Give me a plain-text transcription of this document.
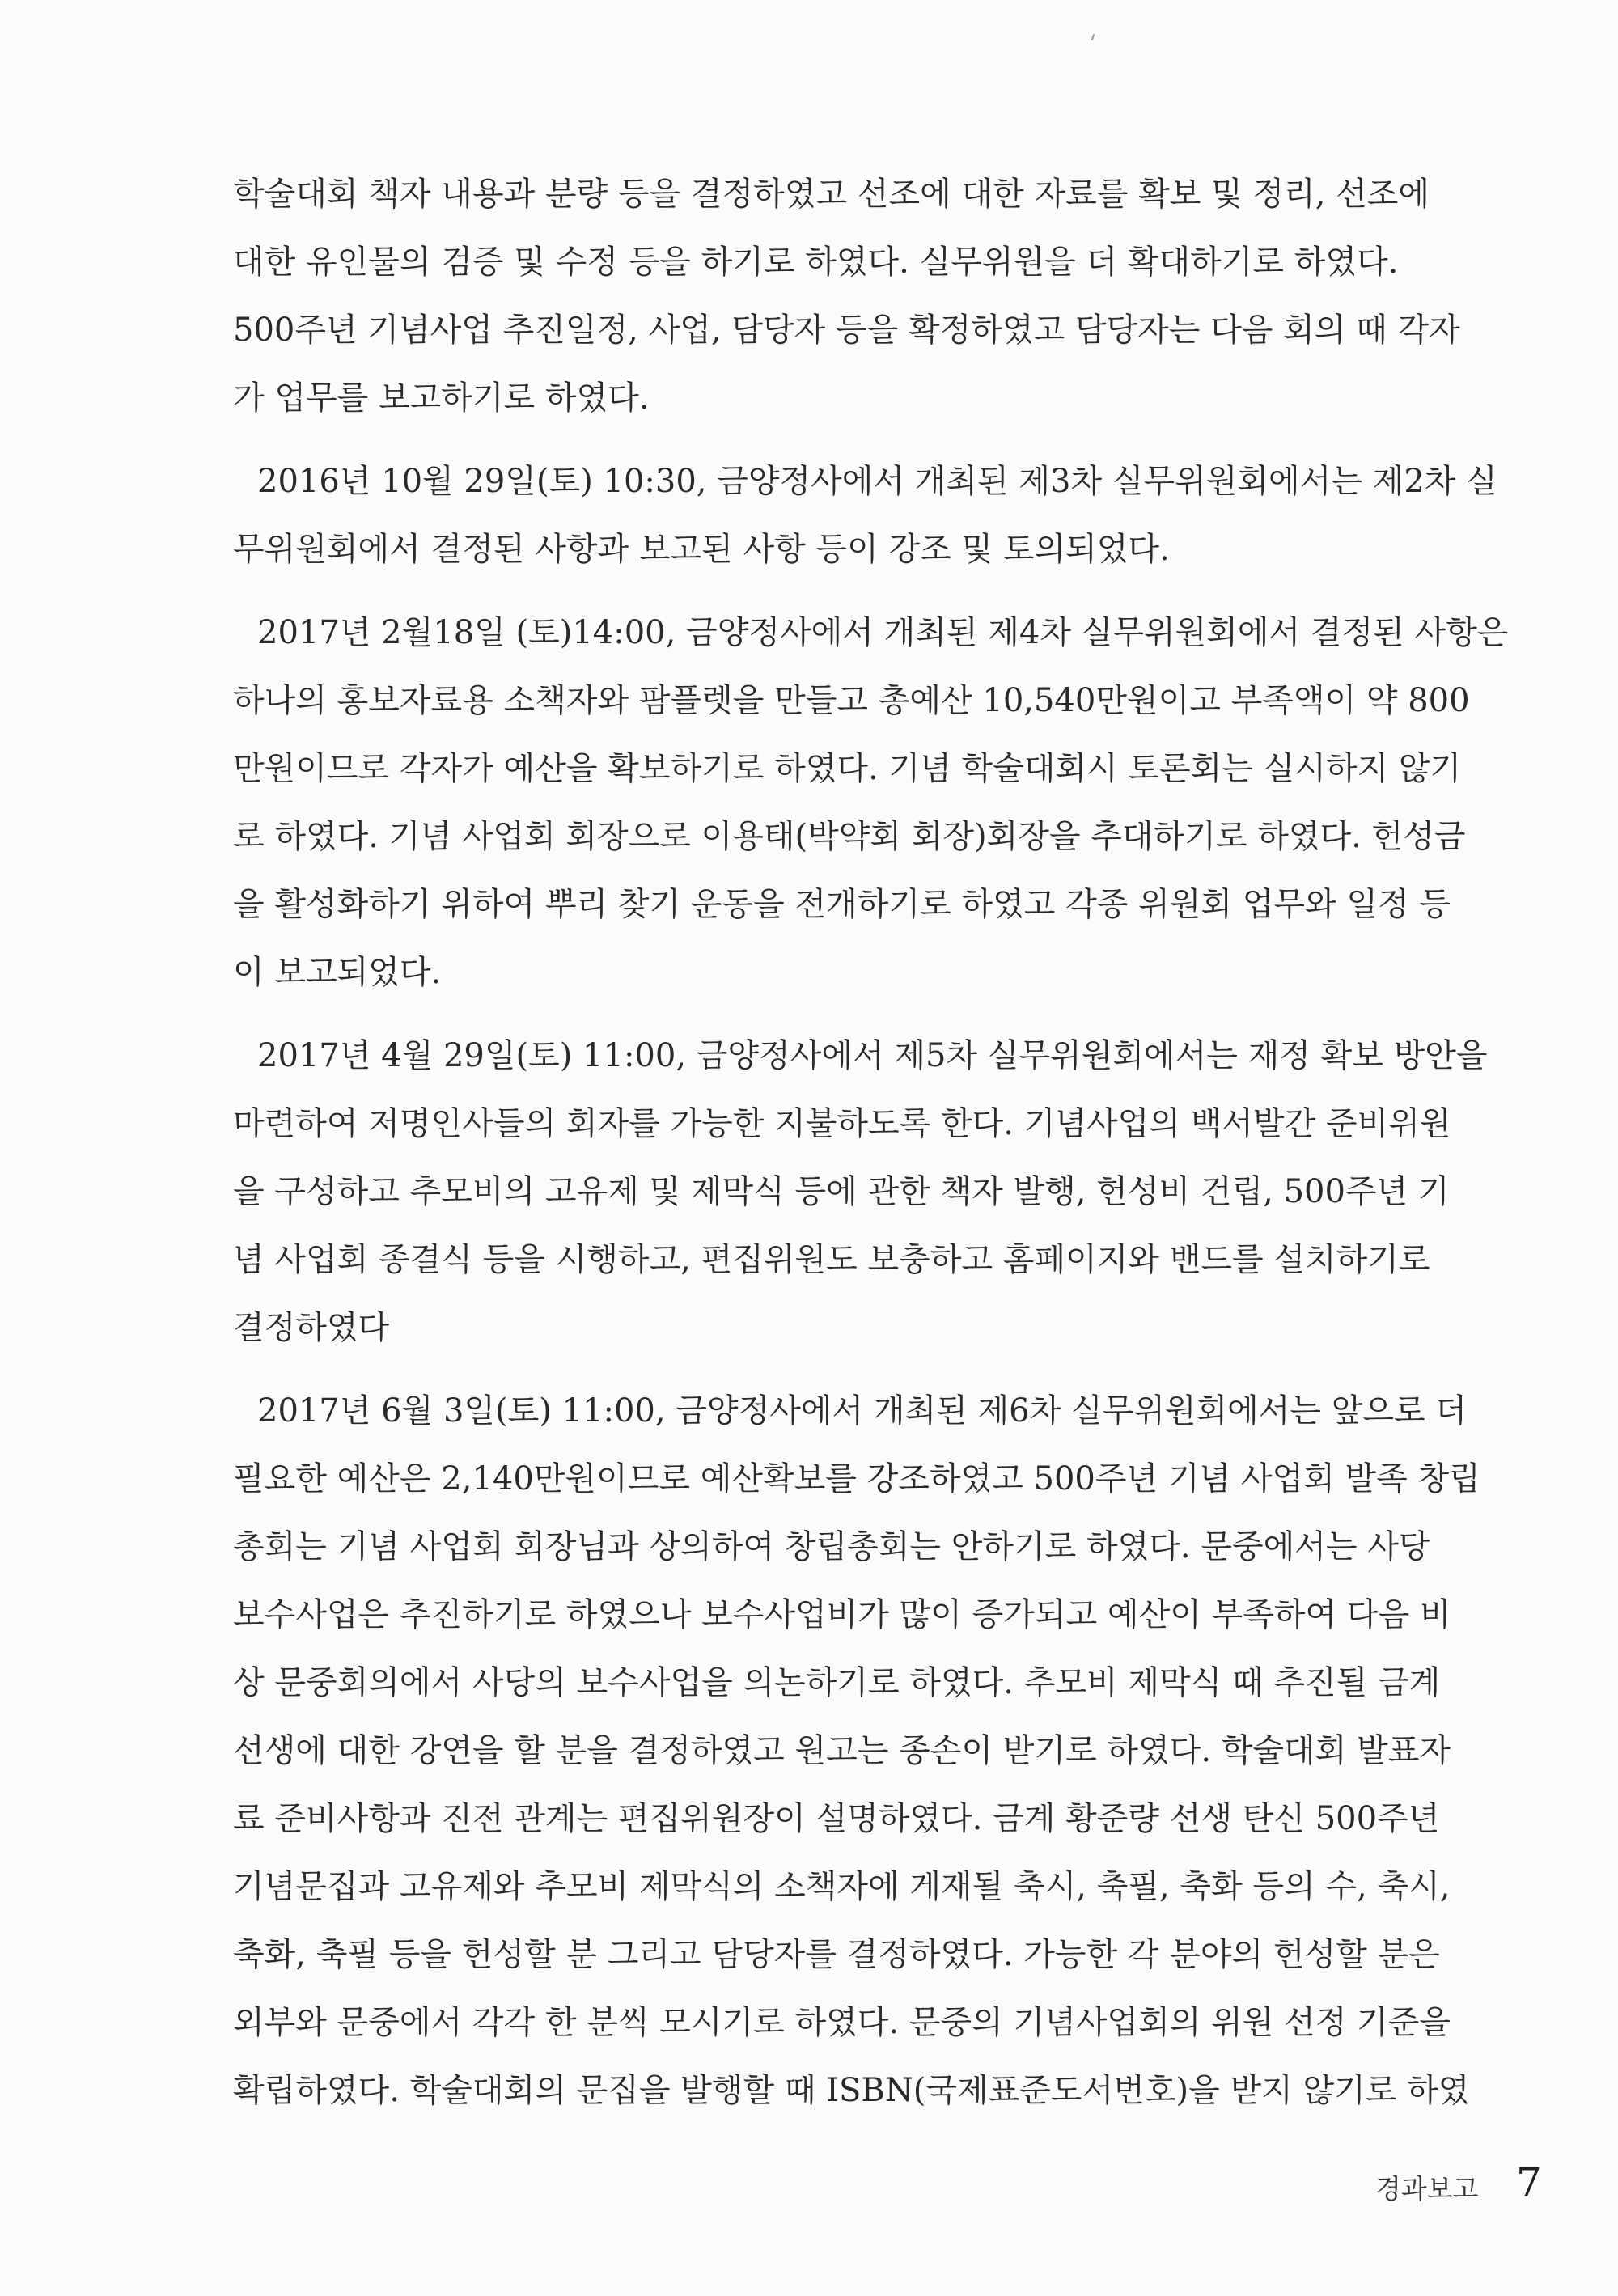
학술대회 책자 내용과 분량 등을 결정하였고 선조에 대한 자료를 확보 및 정리, 선조에
대한 유인물의 검증 및 수정 등을 하기로 하였다. 실무위원을 더 확대하기로 하였다.
500주년 기념사업 추진일정, 사업, 담당자 등을 확정하였고 담당자는 다음 회의 때 각자
가 업무를 보고하기로 하였다.
2016년 10월 29일(토) 10:30, 금양정사에서 개최된 제3차 실무위원회에서는 제2차 실
무위원회에서 결정된 사항과 보고된 사항 등이 강조 및 토의되었다.
2017년 2월18일 (토)14:00, 금양정사에서 개최된 제4차 실무위원회에서 결정된 사항은
하나의 홍보자료용 소책자와 팜플렛을 만들고 총예산 10,540만원이고 부족액이 약 800
만원이므로 각자가 예산을 확보하기로 하였다. 기념 학술대회시 토론회는 실시하지 않기
로 하였다. 기념 사업회 회장으로 이용태(박약회 회장)회장을 추대하기로 하였다. 헌성금
을 활성화하기 위하여 뿌리 찾기 운동을 전개하기로 하였고 각종 위원회 업무와 일정 등
이 보고되었다.
2017년 4월 29일(토) 11:00, 금양정사에서 제5차 실무위원회에서는 재정 확보 방안을
마련하여 저명인사들의 회자를 가능한 지불하도록 한다. 기념사업의 백서발간 준비위원
을 구성하고 추모비의 고유제 및 제막식 등에 관한 책자 발행, 헌성비 건립, 500주년 기
념 사업회 종결식 등을 시행하고, 편집위원도 보충하고 홈페이지와 밴드를 설치하기로
결정하였다
2017년 6월 3일(토) 11:00, 금양정사에서 개최된 제6차 실무위원회에서는 앞으로 더
필요한 예산은 2,140만원이므로 예산확보를 강조하였고 500주년 기념 사업회 발족 창립
총회는 기념 사업회 회장님과 상의하여 창립총회는 안하기로 하였다. 문중에서는 사당
보수사업은 추진하기로 하였으나 보수사업비가 많이 증가되고 예산이 부족하여 다음 비
상 문중회의에서 사당의 보수사업을 의논하기로 하였다. 추모비 제막식 때 추진될 금계
선생에 대한 강연을 할 분을 결정하였고 원고는 종손이 받기로 하였다. 학술대회 발표자
료 준비사항과 진전 관계는 편집위원장이 설명하였다. 금계 황준량 선생 탄신 500주년
기념문집과 고유제와 추모비 제막식의 소책자에 게재될 축시, 축필, 축화 등의 수, 축시,
축화, 축필 등을 헌성할 분 그리고 담당자를 결정하였다. 가능한 각 분야의 헌성할 분은
외부와 문중에서 각각 한 분씩 모시기로 하였다. 문중의 기념사업회의 위원 선정 기준을
확립하였다. 학술대회의 문집을 발행할 때 ISBN(국제표준도서번호)을 받지 않기로 하였
경과보고 7
